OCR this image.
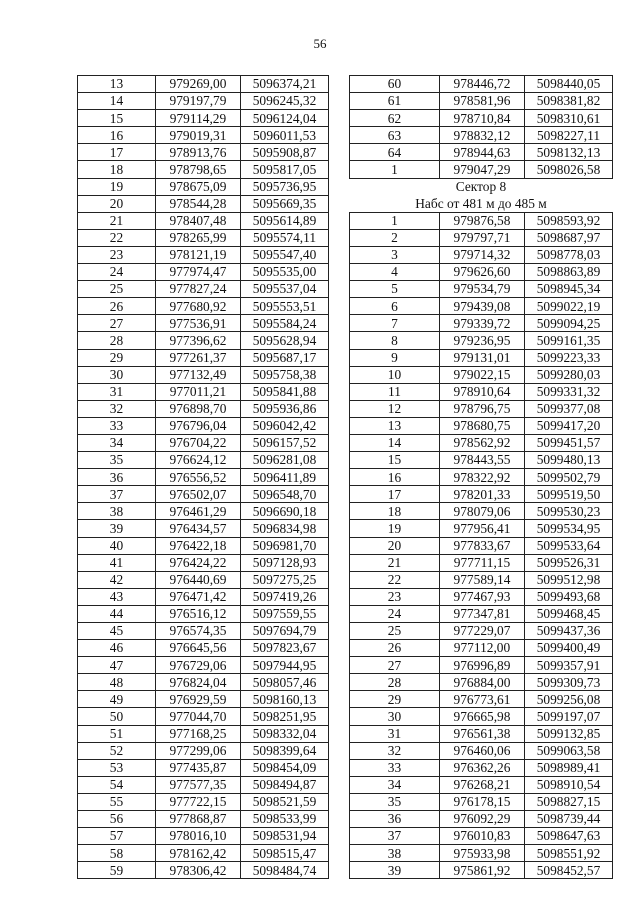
56
13	979269,00	5096374,21
14	979197,79	5096245,32
15	979114,29	5096124,04
16	979019,31	5096011,53
17	978913,76	5095908,87
18	978798,65	5095817,05
19	978675,09	5095736,95
20	978544,28	5095669,35
21	978407,48	5095614,89
22	978265,99	5095574,11
23	978121,19	5095547,40
24	977974,47	5095535,00
25	977827,24	5095537,04
26	977680,92	5095553,51
27	977536,91	5095584,24
28	977396,62	5095628,94
29	977261,37	5095687,17
30	977132,49	5095758,38
31	977011,21	5095841,88
32	976898,70	5095936,86
33	976796,04	5096042,42
34	976704,22	5096157,52
35	976624,12	5096281,08
36	976556,52	5096411,89
37	976502,07	5096548,70
38	976461,29	5096690,18
39	976434,57	5096834,98
40	976422,18	5096981,70
41	976424,22	5097128,93
42	976440,69	5097275,25
43	976471,42	5097419,26
44	976516,12	5097559,55
45	976574,35	5097694,79
46	976645,56	5097823,67
47	976729,06	5097944,95
48	976824,04	5098057,46
49	976929,59	5098160,13
50	977044,70	5098251,95
51	977168,25	5098332,04
52	977299,06	5098399,64
53	977435,87	5098454,09
54	977577,35	5098494,87
55	977722,15	5098521,59
56	977868,87	5098533,99
57	978016,10	5098531,94
58	978162,42	5098515,47
59	978306,42	5098484,74
60	978446,72	5098440,05
61	978581,96	5098381,82
62	978710,84	5098310,61
63	978832,12	5098227,11
64	978944,63	5098132,13
1	979047,29	5098026,58
Сектор 8		
Набс от 481 м до 485 м		
1	979876,58	5098593,92
2	979797,71	5098687,97
3	979714,32	5098778,03
4	979626,60	5098863,89
5	979534,79	5098945,34
6	979439,08	5099022,19
7	979339,72	5099094,25
8	979236,95	5099161,35
9	979131,01	5099223,33
10	979022,15	5099280,03
11	978910,64	5099331,32
12	978796,75	5099377,08
13	978680,75	5099417,20
14	978562,92	5099451,57
15	978443,55	5099480,13
16	978322,92	5099502,79
17	978201,33	5099519,50
18	978079,06	5099530,23
19	977956,41	5099534,95
20	977833,67	5099533,64
21	977711,15	5099526,31
22	977589,14	5099512,98
23	977467,93	5099493,68
24	977347,81	5099468,45
25	977229,07	5099437,36
26	977112,00	5099400,49
27	976996,89	5099357,91
28	976884,00	5099309,73
29	976773,61	5099256,08
30	976665,98	5099197,07
31	976561,38	5099132,85
32	976460,06	5099063,58
33	976362,26	5098989,41
34	976268,21	5098910,54
35	976178,15	5098827,15
36	976092,29	5098739,44
37	976010,83	5098647,63
38	975933,98	5098551,92
39	975861,92	5098452,57
